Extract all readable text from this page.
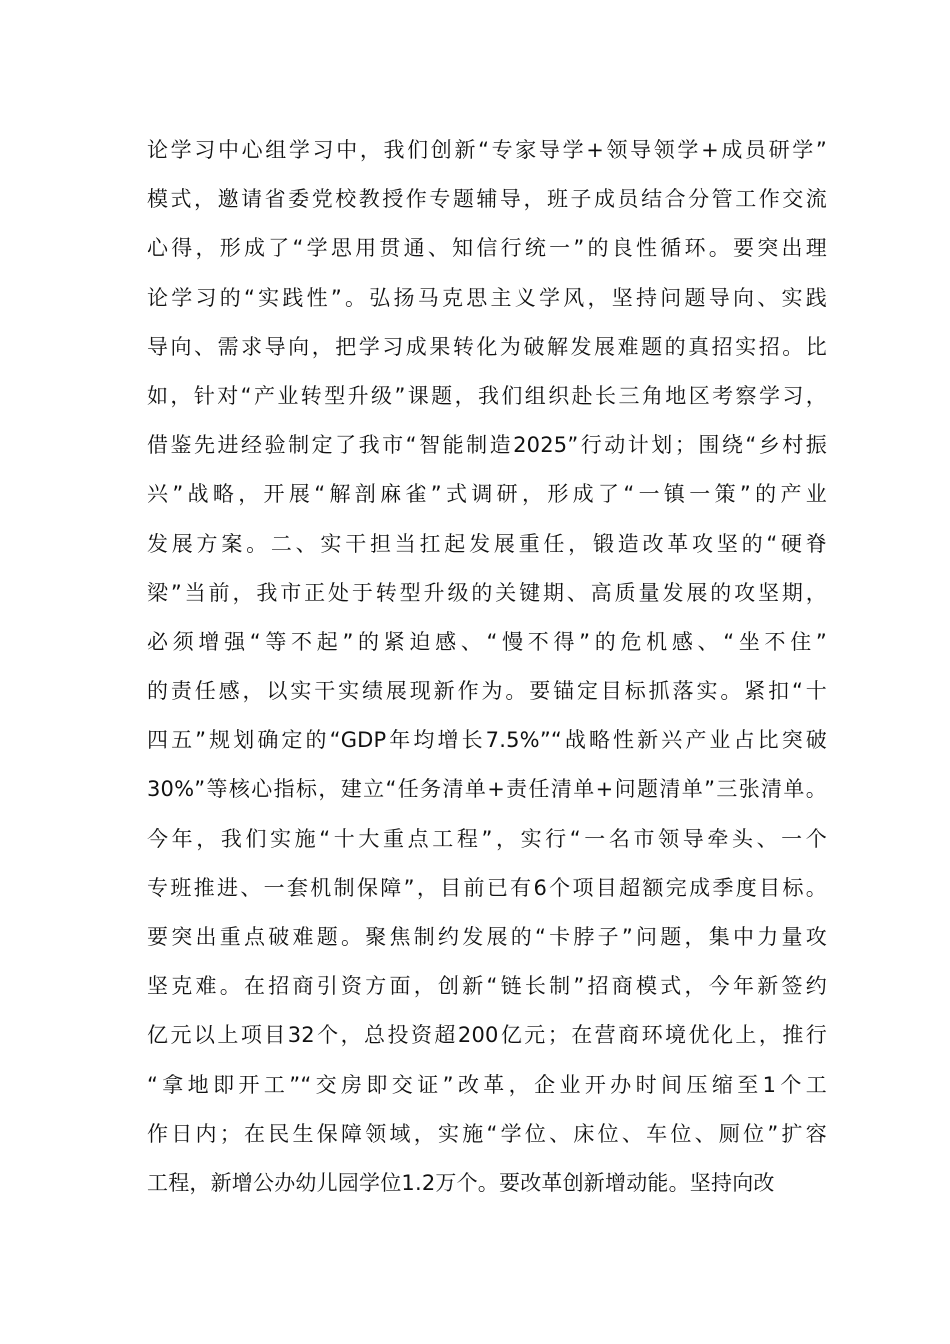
论学习中心组学习中，我们创新“专家导学+领导领学+成员研学”
模式，邀请省委党校教授作专题辅导，班子成员结合分管工作交流
心得，形成了“学思用贯通、知信行统一”的良性循环。要突出理
论学习的“实践性”。弘扬马克思主义学风，坚持问题导向、实践
导向、需求导向，把学习成果转化为破解发展难题的真招实招。比
如，针对“产业转型升级”课题，我们组织赴长三角地区考察学习，
借鉴先进经验制定了我市“智能制造2025”行动计划；围绕“乡村振
兴”战略，开展“解剖麻雀”式调研，形成了“一镇一策”的产业
发展方案。二、实干担当扛起发展重任，锻造改革攻坚的“硬脊
梁”当前，我市正处于转型升级的关键期、高质量发展的攻坚期，
必须增强“等不起”的紧迫感、“慢不得”的危机感、“坐不住”
的责任感，以实干实绩展现新作为。要锚定目标抓落实。紧扣“十
四五”规划确定的“GDP年均增长7.5%”“战略性新兴产业占比突破
30%”等核心指标，建立“任务清单+责任清单+问题清单”三张清单。
今年，我们实施“十大重点工程”，实行“一名市领导牵头、一个
专班推进、一套机制保障”，目前已有6个项目超额完成季度目标。
要突出重点破难题。聚焦制约发展的“卡脖子”问题，集中力量攻
坚克难。在招商引资方面，创新“链长制”招商模式，今年新签约
亿元以上项目32个，总投资超200亿元；在营商环境优化上，推行
“拿地即开工”“交房即交证”改革，企业开办时间压缩至1个工
作日内；在民生保障领域，实施“学位、床位、车位、厕位”扩容
工程，新增公办幼儿园学位1.2万个。要改革创新增动能。坚持向改
